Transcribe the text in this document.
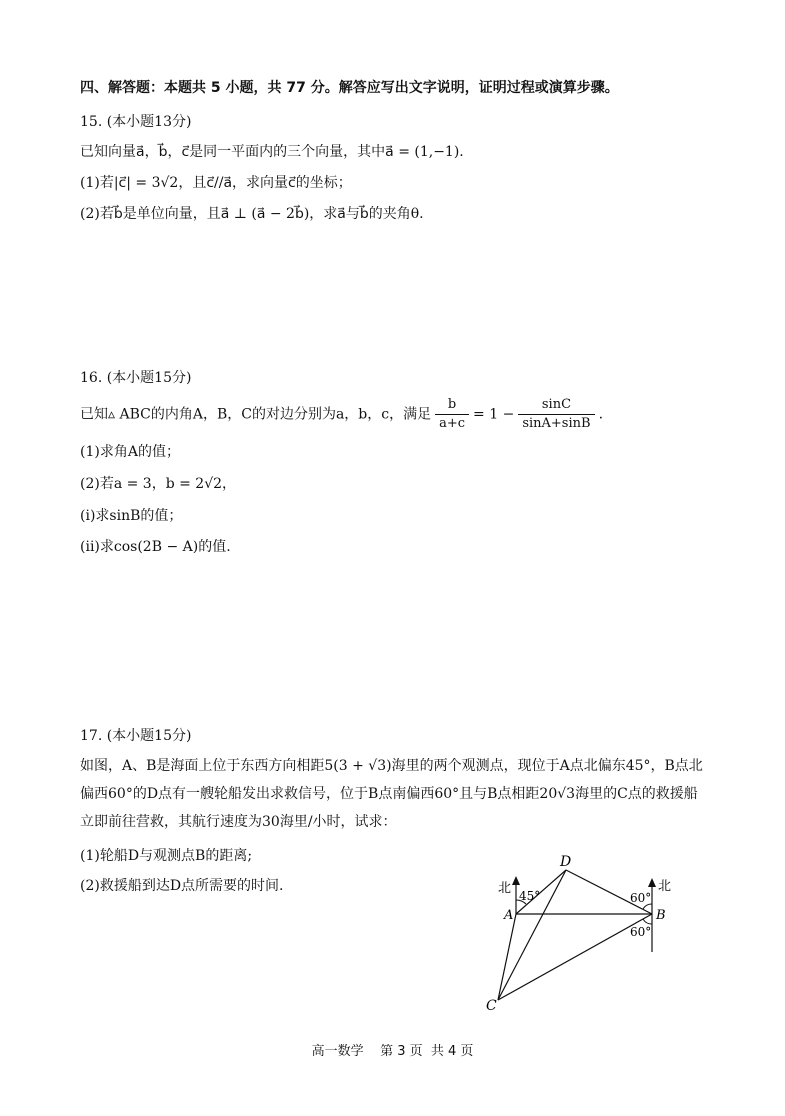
四、解答题：本题共 5 小题，共 77 分。解答应写出文字说明，证明过程或演算步骤。
15. (本小题13分)
已知向量a⃗，b⃗，c⃗是同一平面内的三个向量，其中a⃗ = (1,−1).
(1)若|c⃗| = 3√2，且c⃗//a⃗，求向量c⃗的坐标；
(2)若b⃗是单位向量，且a⃗ ⊥ (a⃗ − 2b⃗)，求a⃗与b⃗的夹角θ.
16. (本小题15分)
已知▵ ABC的内角A，B，C的对边分别为a，b，c，满足 $\frac{b}{a+c} = 1 - \frac{\sin C}{\sin A+\sin B}$ .
(1)求角A的值；
(2)若a = 3，b = 2√2，
(i)求sinB的值；
(ii)求cos(2B − A)的值.
17. (本小题15分)
如图，A、B是海面上位于东西方向相距5(3 + √3)海里的两个观测点，现位于A点北偏东45°，B点北偏西60°的D点有一艘轮船发出求救信号，位于B点南偏西60°且与B点相距20√3海里的C点的救援船立即前往营救，其航行速度为30海里/小时，试求：
(1)轮船D与观测点B的距离;
(2)救援船到达D点所需要的时间.
D
A	B
C
北	北
45°	60°
60°
高一数学    第 3 页  共 4 页
